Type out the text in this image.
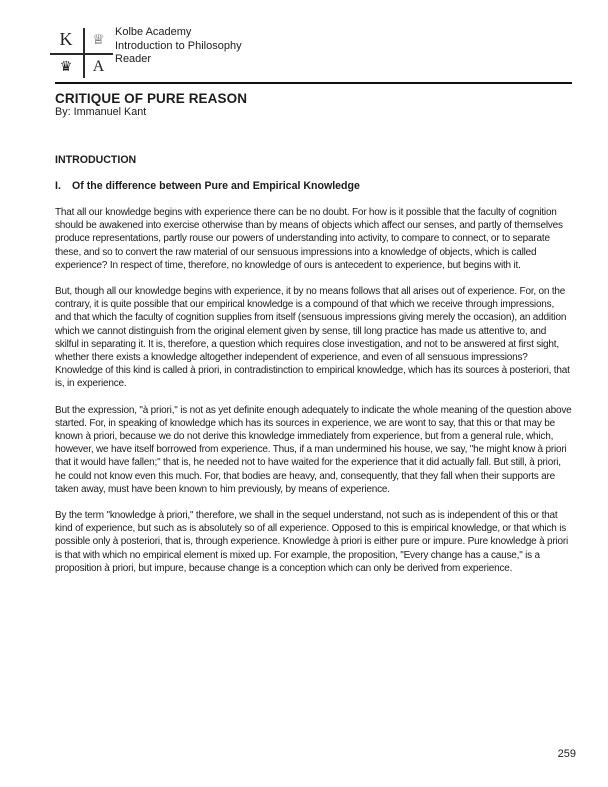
K	♕
♛	A
Kolbe Academy
Introduction to Philosophy
Reader
CRITIQUE OF PURE REASON

By: Immanuel Kant

INTRODUCTION
I.	Of the difference between Pure and Empirical Knowledge

That all our knowledge begins with experience there can be no doubt. For how is it possible that the faculty of cognition should be awakened into exercise otherwise than by means of objects which affect our senses, and partly of themselves produce representations, partly rouse our powers of understanding into activity, to compare to connect, or to separate these, and so to convert the raw material of our sensuous impressions into a knowledge of objects, which is called experience? In respect of time, therefore, no knowledge of ours is antecedent to experience, but begins with it.

But, though all our knowledge begins with experience, it by no means follows that all arises out of experience. For, on the contrary, it is quite possible that our empirical knowledge is a compound of that which we receive through impressions, and that which the faculty of cognition supplies from itself (sensuous impressions giving merely the occasion), an addition which we cannot distinguish from the original element given by sense, till long practice has made us attentive to, and skilful in separating it. It is, therefore, a question which requires close investigation, and not to be answered at first sight, whether there exists a knowledge altogether independent of experience, and even of all sensuous impressions? Knowledge of this kind is called à priori, in contradistinction to empirical knowledge, which has its sources à posteriori, that is, in experience.

But the expression, "à priori," is not as yet definite enough adequately to indicate the whole meaning of the question above started. For, in speaking of knowledge which has its sources in experience, we are wont to say, that this or that may be known à priori, because we do not derive this knowledge immediately from experience, but from a general rule, which, however, we have itself borrowed from experience. Thus, if a man undermined his house, we say, "he might know à priori that it would have fallen;" that is, he needed not to have waited for the experience that it did actually fall. But still, à priori, he could not know even this much. For, that bodies are heavy, and, consequently, that they fall when their supports are taken away, must have been known to him previously, by means of experience.

By the term "knowledge à priori," therefore, we shall in the sequel understand, not such as is independent of this or that kind of experience, but such as is absolutely so of all experience. Opposed to this is empirical knowledge, or that which is possible only à posteriori, that is, through experience. Knowledge à priori is either pure or impure. Pure knowledge à priori is that with which no empirical element is mixed up. For example, the proposition, "Every change has a cause," is a proposition à priori, but impure, because change is a conception which can only be derived from experience.

259
